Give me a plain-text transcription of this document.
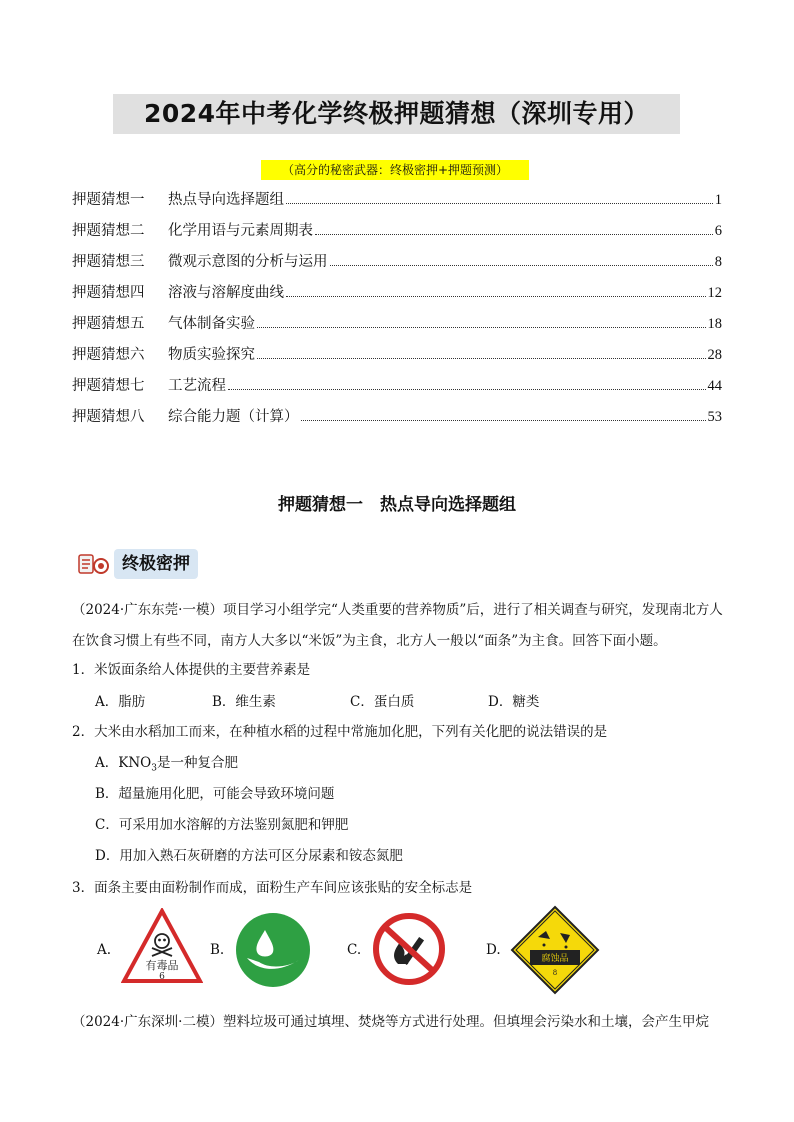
2024年中考化学终极押题猜想（深圳专用）
（高分的秘密武器：终极密押+押题预测）
押题猜想一	热点导向选择题组	1
押题猜想二	化学用语与元素周期表	6
押题猜想三	微观示意图的分析与运用	8
押题猜想四	溶液与溶解度曲线	12
押题猜想五	气体制备实验	18
押题猜想六	物质实验探究	28
押题猜想七	工艺流程	44
押题猜想八	综合能力题（计算）	53
押题猜想一　热点导向选择题组
终极密押
（2024·广东东莞·一模）项目学习小组学完“人类重要的营养物质”后，进行了相关调查与研究，发现南北方人在饮食习惯上有些不同，南方人大多以“米饭”为主食，北方人一般以“面条”为主食。回答下面小题。
1．米饭面条给人体提供的主要营养素是
A．脂肪	B．维生素	C．蛋白质	D．糖类
2．大米由水稻加工而来，在种植水稻的过程中常施加化肥，下列有关化肥的说法错误的是
A．$KNO_3$是一种复合肥
B．超量施用化肥，可能会导致环境问题
C．可采用加水溶解的方法鉴别氮肥和钾肥
D．用加入熟石灰研磨的方法可区分尿素和铵态氮肥
3．面条主要由面粉制作而成，面粉生产车间应该张贴的安全标志是
A.
有毒品
6
B.	C.	D.
腐蚀品
8
（2024·广东深圳·二模）塑料垃圾可通过填埋、焚烧等方式进行处理。但填埋会污染水和土壤，会产生甲烷
